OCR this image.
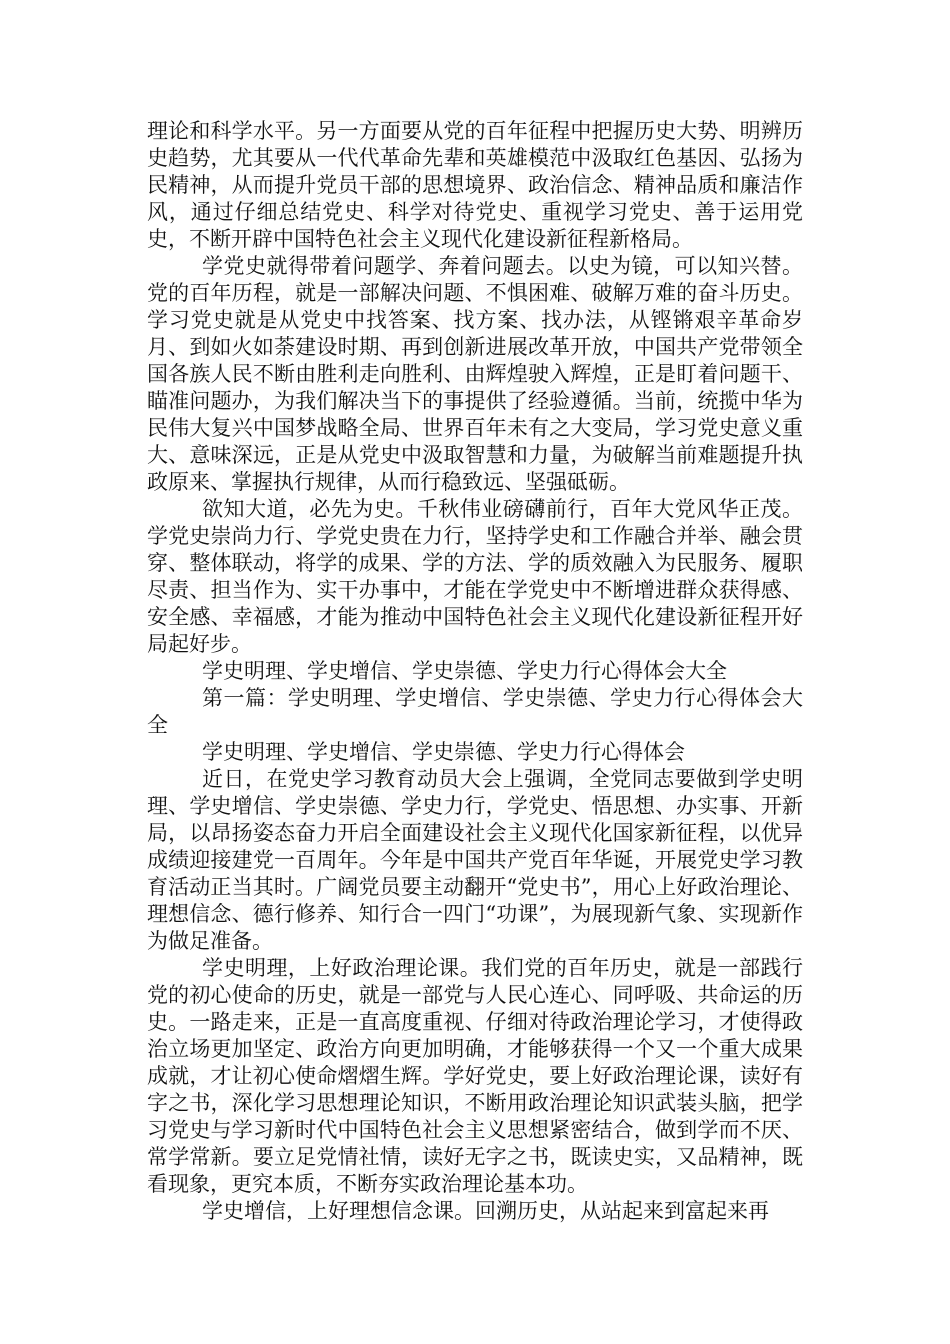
理论和科学水平。另一方面要从党的百年征程中把握历史大势、明辨历史趋势，尤其要从一代代革命先辈和英雄模范中汲取红色基因、弘扬为民精神，从而提升党员干部的思想境界、政治信念、精神品质和廉洁作风，通过仔细总结党史、科学对待党史、重视学习党史、善于运用党史，不断开辟中国特色社会主义现代化建设新征程新格局。

学党史就得带着问题学、奔着问题去。以史为镜，可以知兴替。党的百年历程，就是一部解决问题、不惧困难、破解万难的奋斗历史。学习党史就是从党史中找答案、找方案、找办法，从铿锵艰辛革命岁月、到如火如荼建设时期、再到创新进展改革开放，中国共产党带领全国各族人民不断由胜利走向胜利、由辉煌驶入辉煌，正是盯着问题干、瞄准问题办，为我们解决当下的事提供了经验遵循。当前，统揽中华为民伟大复兴中国梦战略全局、世界百年未有之大变局，学习党史意义重大、意味深远，正是从党史中汲取智慧和力量，为破解当前难题提升执政原来、掌握执行规律，从而行稳致远、坚强砥砺。

欲知大道，必先为史。千秋伟业磅礴前行，百年大党风华正茂。学党史崇尚力行、学党史贵在力行，坚持学史和工作融合并举、融会贯穿、整体联动，将学的成果、学的方法、学的质效融入为民服务、履职尽责、担当作为、实干办事中，才能在学党史中不断增进群众获得感、安全感、幸福感，才能为推动中国特色社会主义现代化建设新征程开好局起好步。

学史明理、学史增信、学史崇德、学史力行心得体会大全

第一篇：学史明理、学史增信、学史崇德、学史力行心得体会大全

学史明理、学史增信、学史崇德、学史力行心得体会

近日，在党史学习教育动员大会上强调，全党同志要做到学史明理、学史增信、学史崇德、学史力行，学党史、悟思想、办实事、开新局，以昂扬姿态奋力开启全面建设社会主义现代化国家新征程，以优异成绩迎接建党一百周年。今年是中国共产党百年华诞，开展党史学习教育活动正当其时。广阔党员要主动翻开“党史书”，用心上好政治理论、理想信念、德行修养、知行合一四门“功课”，为展现新气象、实现新作为做足准备。

学史明理，上好政治理论课。我们党的百年历史，就是一部践行党的初心使命的历史，就是一部党与人民心连心、同呼吸、共命运的历史。一路走来，正是一直高度重视、仔细对待政治理论学习，才使得政治立场更加坚定、政治方向更加明确，才能够获得一个又一个重大成果成就，才让初心使命熠熠生辉。学好党史，要上好政治理论课，读好有字之书，深化学习思想理论知识，不断用政治理论知识武装头脑，把学习党史与学习新时代中国特色社会主义思想紧密结合，做到学而不厌、常学常新。要立足党情社情，读好无字之书，既读史实，又品精神，既看现象，更究本质，不断夯实政治理论基本功。

学史增信，上好理想信念课。回溯历史，从站起来到富起来再
